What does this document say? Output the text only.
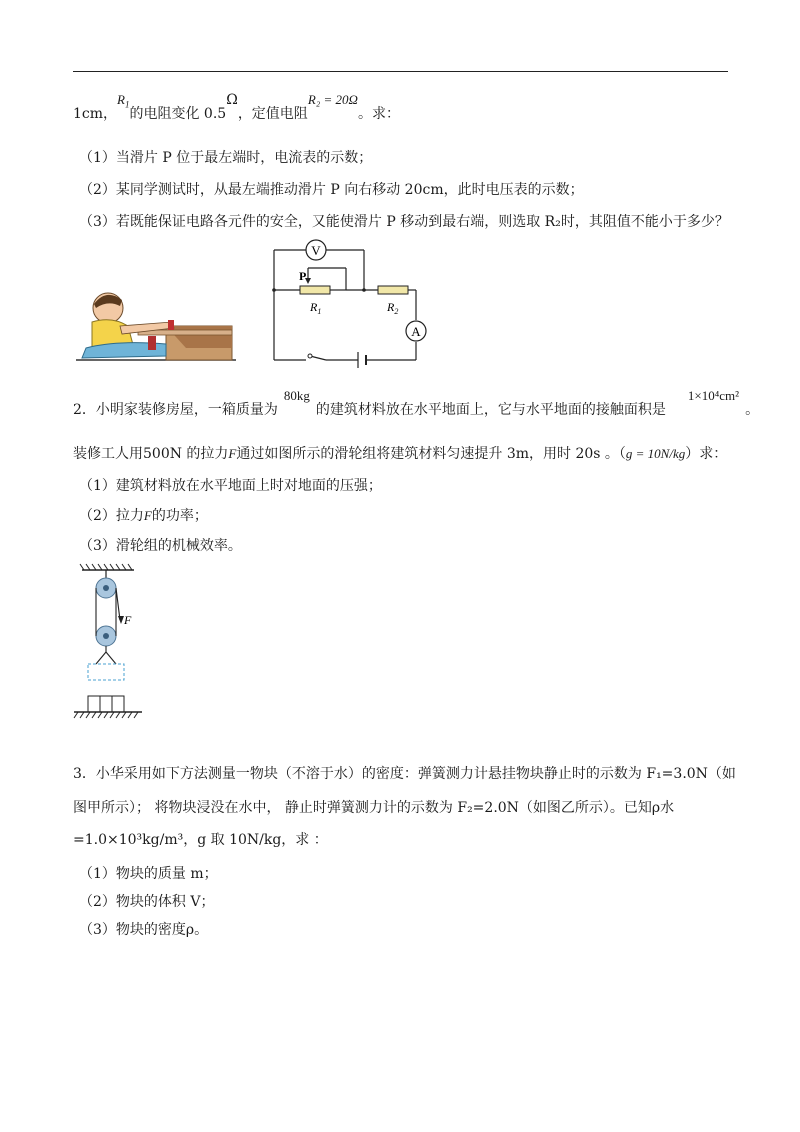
1cm，$R_1$的电阻变化 0.5Ω，定值电阻R₂ = 20Ω。求：
（1）当滑片 P 位于最左端时，电流表的示数；
（2）某同学测试时，从最左端推动滑片 P 向右移动 20cm，此时电压表的示数；
（3）若既能保证电路各元件的安全，又能使滑片 P 移动到最右端，则选取 R₂时，其阻值不能小于多少？
V
P
$R_1$	$R_2$
A
2．小明家装修房屋，一箱质量为80kg的建筑材料放在水平地面上，它与水平地面的接触面积是1×10⁴cm²。
装修工人用500N 的拉力F通过如图所示的滑轮组将建筑材料匀速提升 3m，用时 20s 。（g = 10N/kg）求：
（1）建筑材料放在水平地面上时对地面的压强；
（2）拉力F的功率；
（3）滑轮组的机械效率。
F
3．小华采用如下方法测量一物块（不溶于水）的密度：弹簧测力计悬挂物块静止时的示数为 F₁=3.0N（如
图甲所示）； 将物块浸没在水中， 静止时弹簧测力计的示数为 F₂=2.0N（如图乙所示）。已知ρ水
=1.0×10³kg/m³，g 取 10N/kg，求 ：
（1）物块的质量 m；
（2）物块的体积 V；
（3）物块的密度ρ。
